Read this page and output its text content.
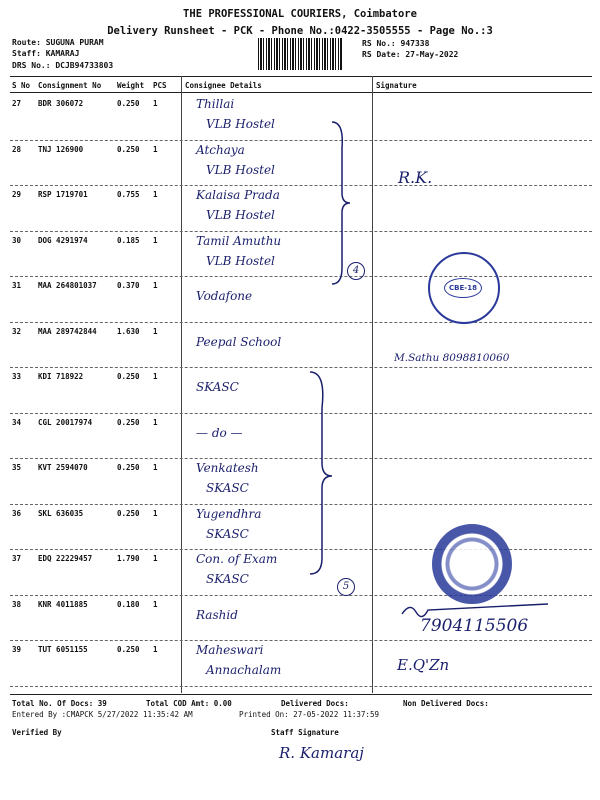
THE PROFESSIONAL COURIERS, Coimbatore
Delivery Runsheet - PCK - Phone No.:0422-3505555 - Page No.:3
Route: SUGUNA PURAM
Staff: KAMARAJ
DRS No.: DCJB94733803
RS No.: 947338
RS Date: 27-May-2022
S No Consignment No Weight PCS Consignee Details	Signature
27 BDR 306072	0.250 1	Thillai
VLB Hostel
28 TNJ 126900	0.250 1	Atchaya
VLB Hostel
29 RSP 1719701	0.755 1	Kalaisa Prada
VLB Hostel
30 DOG 4291974	0.185 1	Tamil Amuthu
VLB Hostel
31 MAA 264801037	0.370 1
Vodafone
32 MAA 289742844	1.630 1
Peepal School
33 KDI 718922	0.250 1
SKASC
34 CGL 20017974	0.250 1
— do —
35 KVT 2594070	0.250 1	Venkatesh
SKASC
36 SKL 636035	0.250 1	Yugendhra
SKASC
37 EDQ 22229457	1.790 1	Con. of Exam
SKASC
38 KNR 4011885	0.180 1
Rashid
39 TUT 6051155	0.250 1	Maheswari
Annachalam
4
5
R.K.
M.Sathu 8098810060
7904115506
E.Q'Zn
CBE-18
Total No. Of Docs: 39	Total COD Amt: 0.00	Delivered Docs:	Non Delivered Docs:
Entered By :CMAPCK 5/27/2022 11:35:42 AM	Printed On: 27-05-2022 11:37:59
Verified By	Staff Signature
R. Kamaraj
